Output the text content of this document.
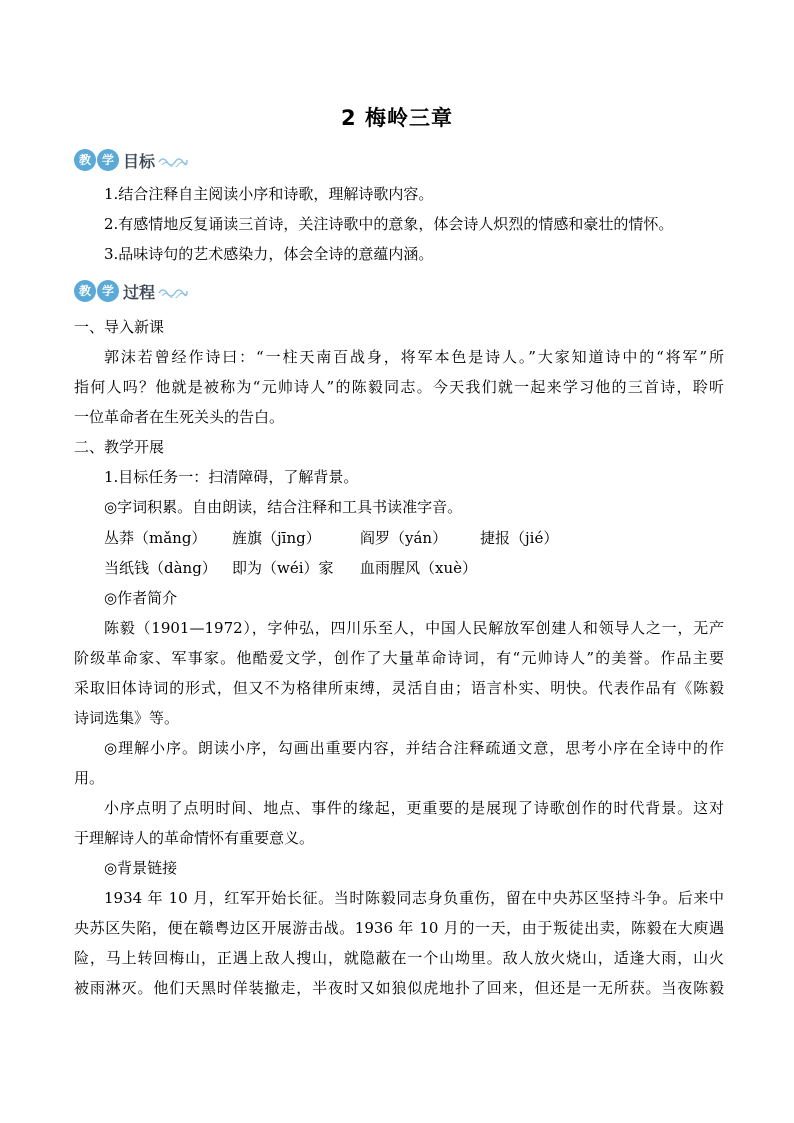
2 梅岭三章
教 学 目标
1.结合注释自主阅读小序和诗歌，理解诗歌内容。
2.有感情地反复诵读三首诗，关注诗歌中的意象，体会诗人炽烈的情感和豪壮的情怀。
3.品味诗句的艺术感染力，体会全诗的意蕴内涵。
教 学 过程
一、导入新课
郭沫若曾经作诗曰：“一柱天南百战身，将军本色是诗人。”大家知道诗中的“将军”所
指何人吗？他就是被称为“元帅诗人”的陈毅同志。今天我们就一起来学习他的三首诗，聆听
一位革命者在生死关头的告白。
二、教学开展
1.目标任务一：扫清障碍，了解背景。
◎字词积累。自由朗读，结合注释和工具书读准字音。
丛莽（mǎng） 旌旗（jīng）	阎罗（yán） 捷报（jié）
当纸钱（dàng） 即为（wéi）家 血雨腥风（xuè）
◎作者简介
陈毅（1901—1972），字仲弘，四川乐至人，中国人民解放军创建人和领导人之一，无产
阶级革命家、军事家。他酷爱文学，创作了大量革命诗词，有“元帅诗人”的美誉。作品主要
采取旧体诗词的形式，但又不为格律所束缚，灵活自由；语言朴实、明快。代表作品有《陈毅
诗词选集》等。
◎理解小序。朗读小序，勾画出重要内容，并结合注释疏通文意，思考小序在全诗中的作
用。
小序点明了点明时间、地点、事件的缘起，更重要的是展现了诗歌创作的时代背景。这对
于理解诗人的革命情怀有重要意义。
◎背景链接
1934 年 10 月，红军开始长征。当时陈毅同志身负重伤，留在中央苏区坚持斗争。后来中
央苏区失陷，便在赣粤边区开展游击战。1936 年 10 月的一天，由于叛徒出卖，陈毅在大庾遇
险，马上转回梅山，正遇上敌人搜山，就隐蔽在一个山坳里。敌人放火烧山，适逢大雨，山火
被雨淋灭。他们天黑时佯装撤走，半夜时又如狼似虎地扑了回来，但还是一无所获。当夜陈毅
